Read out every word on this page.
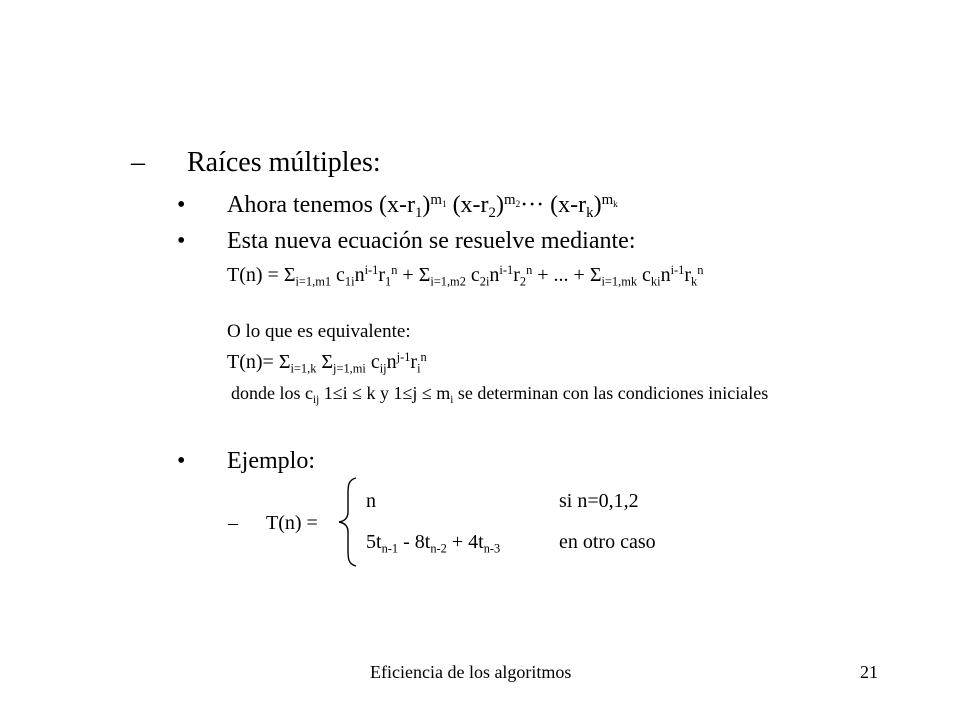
– Raíces múltiples:
• Ahora tenemos $(x-r_1)^{m_1}$ $(x-r_2)^{m_2}\cdot\cdot\cdot (x-r_k)^{m_k}$
• Esta nueva ecuación se resuelve mediante:
$T(n) = \Sigma_{i=1,m1}$ $c_{1i}n^{i-1}r_1^n + \Sigma_{i=1,m2}$ $c_{2i}n^{i-1}r_2^n$ + ... + $\Sigma_{i=1,mk}$ $c_{ki}n^{i-1}r_k^n$
O lo que es equivalente:
$T(n)= \Sigma_{i=1,k}$ $\Sigma_{j=1,mi}$ $c_{ij}n^{j-1}r_i^n$
donde los $c_{ij}$ 1≤i ≤ k y $1\le j \le m_i$ se determinan con las condiciones iniciales
• Ejemplo:
– T(n) =
n	si n=0,1,2
$5t_{n-1} - 8t_{n-2} + 4t_{n-3}$	en otro caso
Eficiencia de los algoritmos	21
